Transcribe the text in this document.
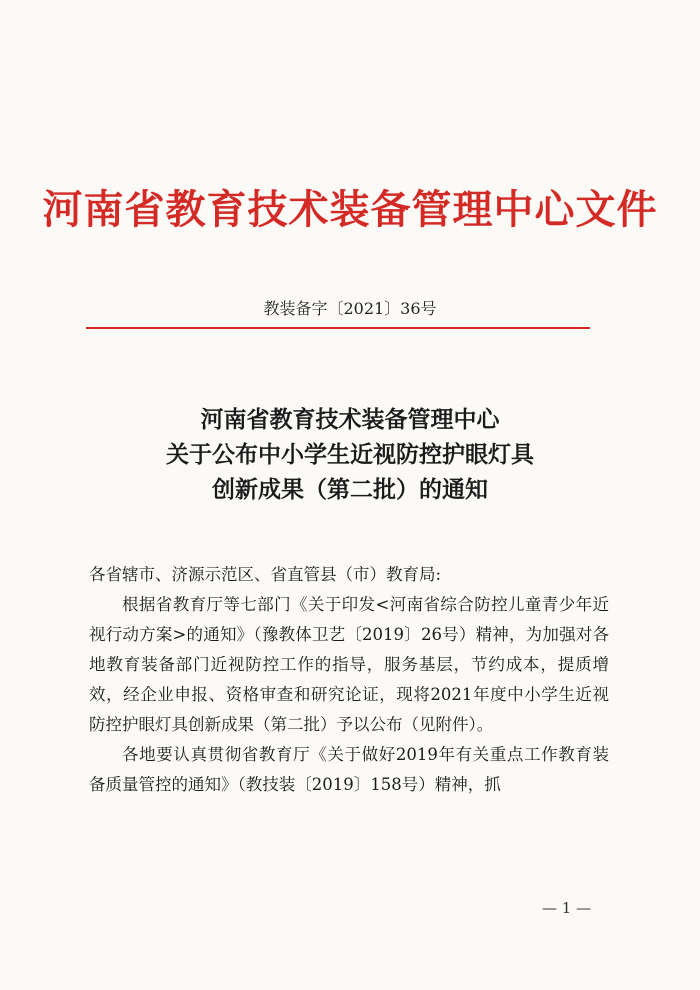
河南省教育技术装备管理中心文件
教装备字〔2021〕36号
河南省教育技术装备管理中心
关于公布中小学生近视防控护眼灯具
创新成果（第二批）的通知

各省辖市、济源示范区、省直管县（市）教育局:

根据省教育厅等七部门《关于印发<河南省综合防控儿童青少年近视行动方案>的通知》（豫教体卫艺〔2019〕26号）精神，为加强对各地教育装备部门近视防控工作的指导，服务基层，节约成本，提质增效，经企业申报、资格审查和研究论证，现将2021年度中小学生近视防控护眼灯具创新成果（第二批）予以公布（见附件）。

各地要认真贯彻省教育厅《关于做好2019年有关重点工作教育装备质量管控的通知》（教技装〔2019〕158号）精神，抓

— 1 —
